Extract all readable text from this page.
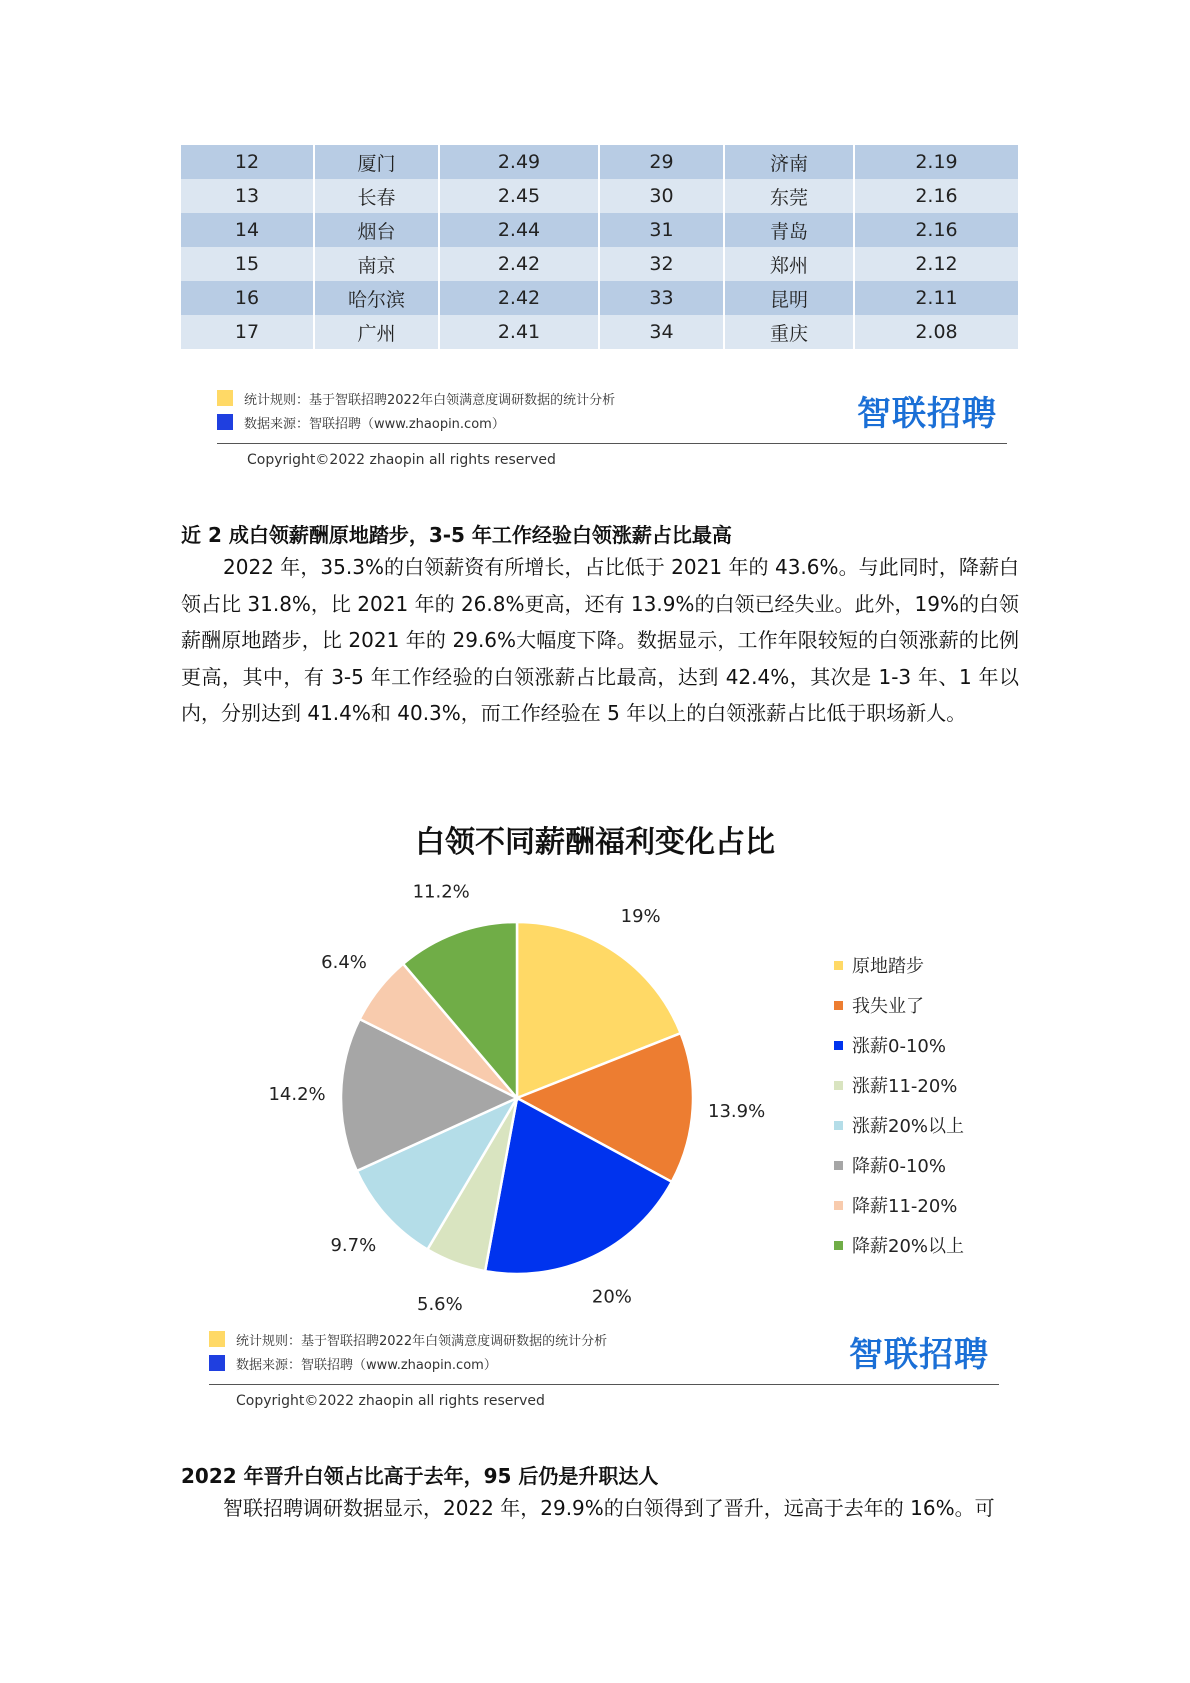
12	厦门	2.49	29	济南	2.19
13	长春	2.45	30	东莞	2.16
14	烟台	2.44	31	青岛	2.16
15	南京	2.42	32	郑州	2.12
16	哈尔滨	2.42	33	昆明	2.11
17	广州	2.41	34	重庆	2.08
统计规则：基于智联招聘2022年白领满意度调研数据的统计分析
数据来源：智联招聘（www.zhaopin.com）	智联招聘
Copyright©2022 zhaopin all rights reserved
近 2 成白领薪酬原地踏步，3-5 年工作经验白领涨薪占比最高
2022 年，35.3%的白领薪资有所增长，占比低于 2021 年的 43.6%。与此同时，降薪白领占比 31.8%，比 2021 年的 26.8%更高，还有 13.9%的白领已经失业。此外，19%的白领薪酬原地踏步，比 2021 年的 29.6%大幅度下降。数据显示，工作年限较短的白领涨薪的比例更高，其中，有 3-5 年工作经验的白领涨薪占比最高，达到 42.4%，其次是 1-3 年、1 年以内，分别达到 41.4%和 40.3%，而工作经验在 5 年以上的白领涨薪占比低于职场新人。
白领不同薪酬福利变化占比
19%
13.9%
20%
5.6%
9.7%
14.2%
6.4%
11.2%
原地踏步
我失业了
涨薪0-10%
涨薪11-20%
涨薪20%以上
降薪0-10%
降薪11-20%
降薪20%以上
统计规则：基于智联招聘2022年白领满意度调研数据的统计分析
数据来源：智联招聘（www.zhaopin.com）	智联招聘
Copyright©2022 zhaopin all rights reserved
2022 年晋升白领占比高于去年，95 后仍是升职达人
智联招聘调研数据显示，2022 年，29.9%的白领得到了晋升，远高于去年的 16%。可
